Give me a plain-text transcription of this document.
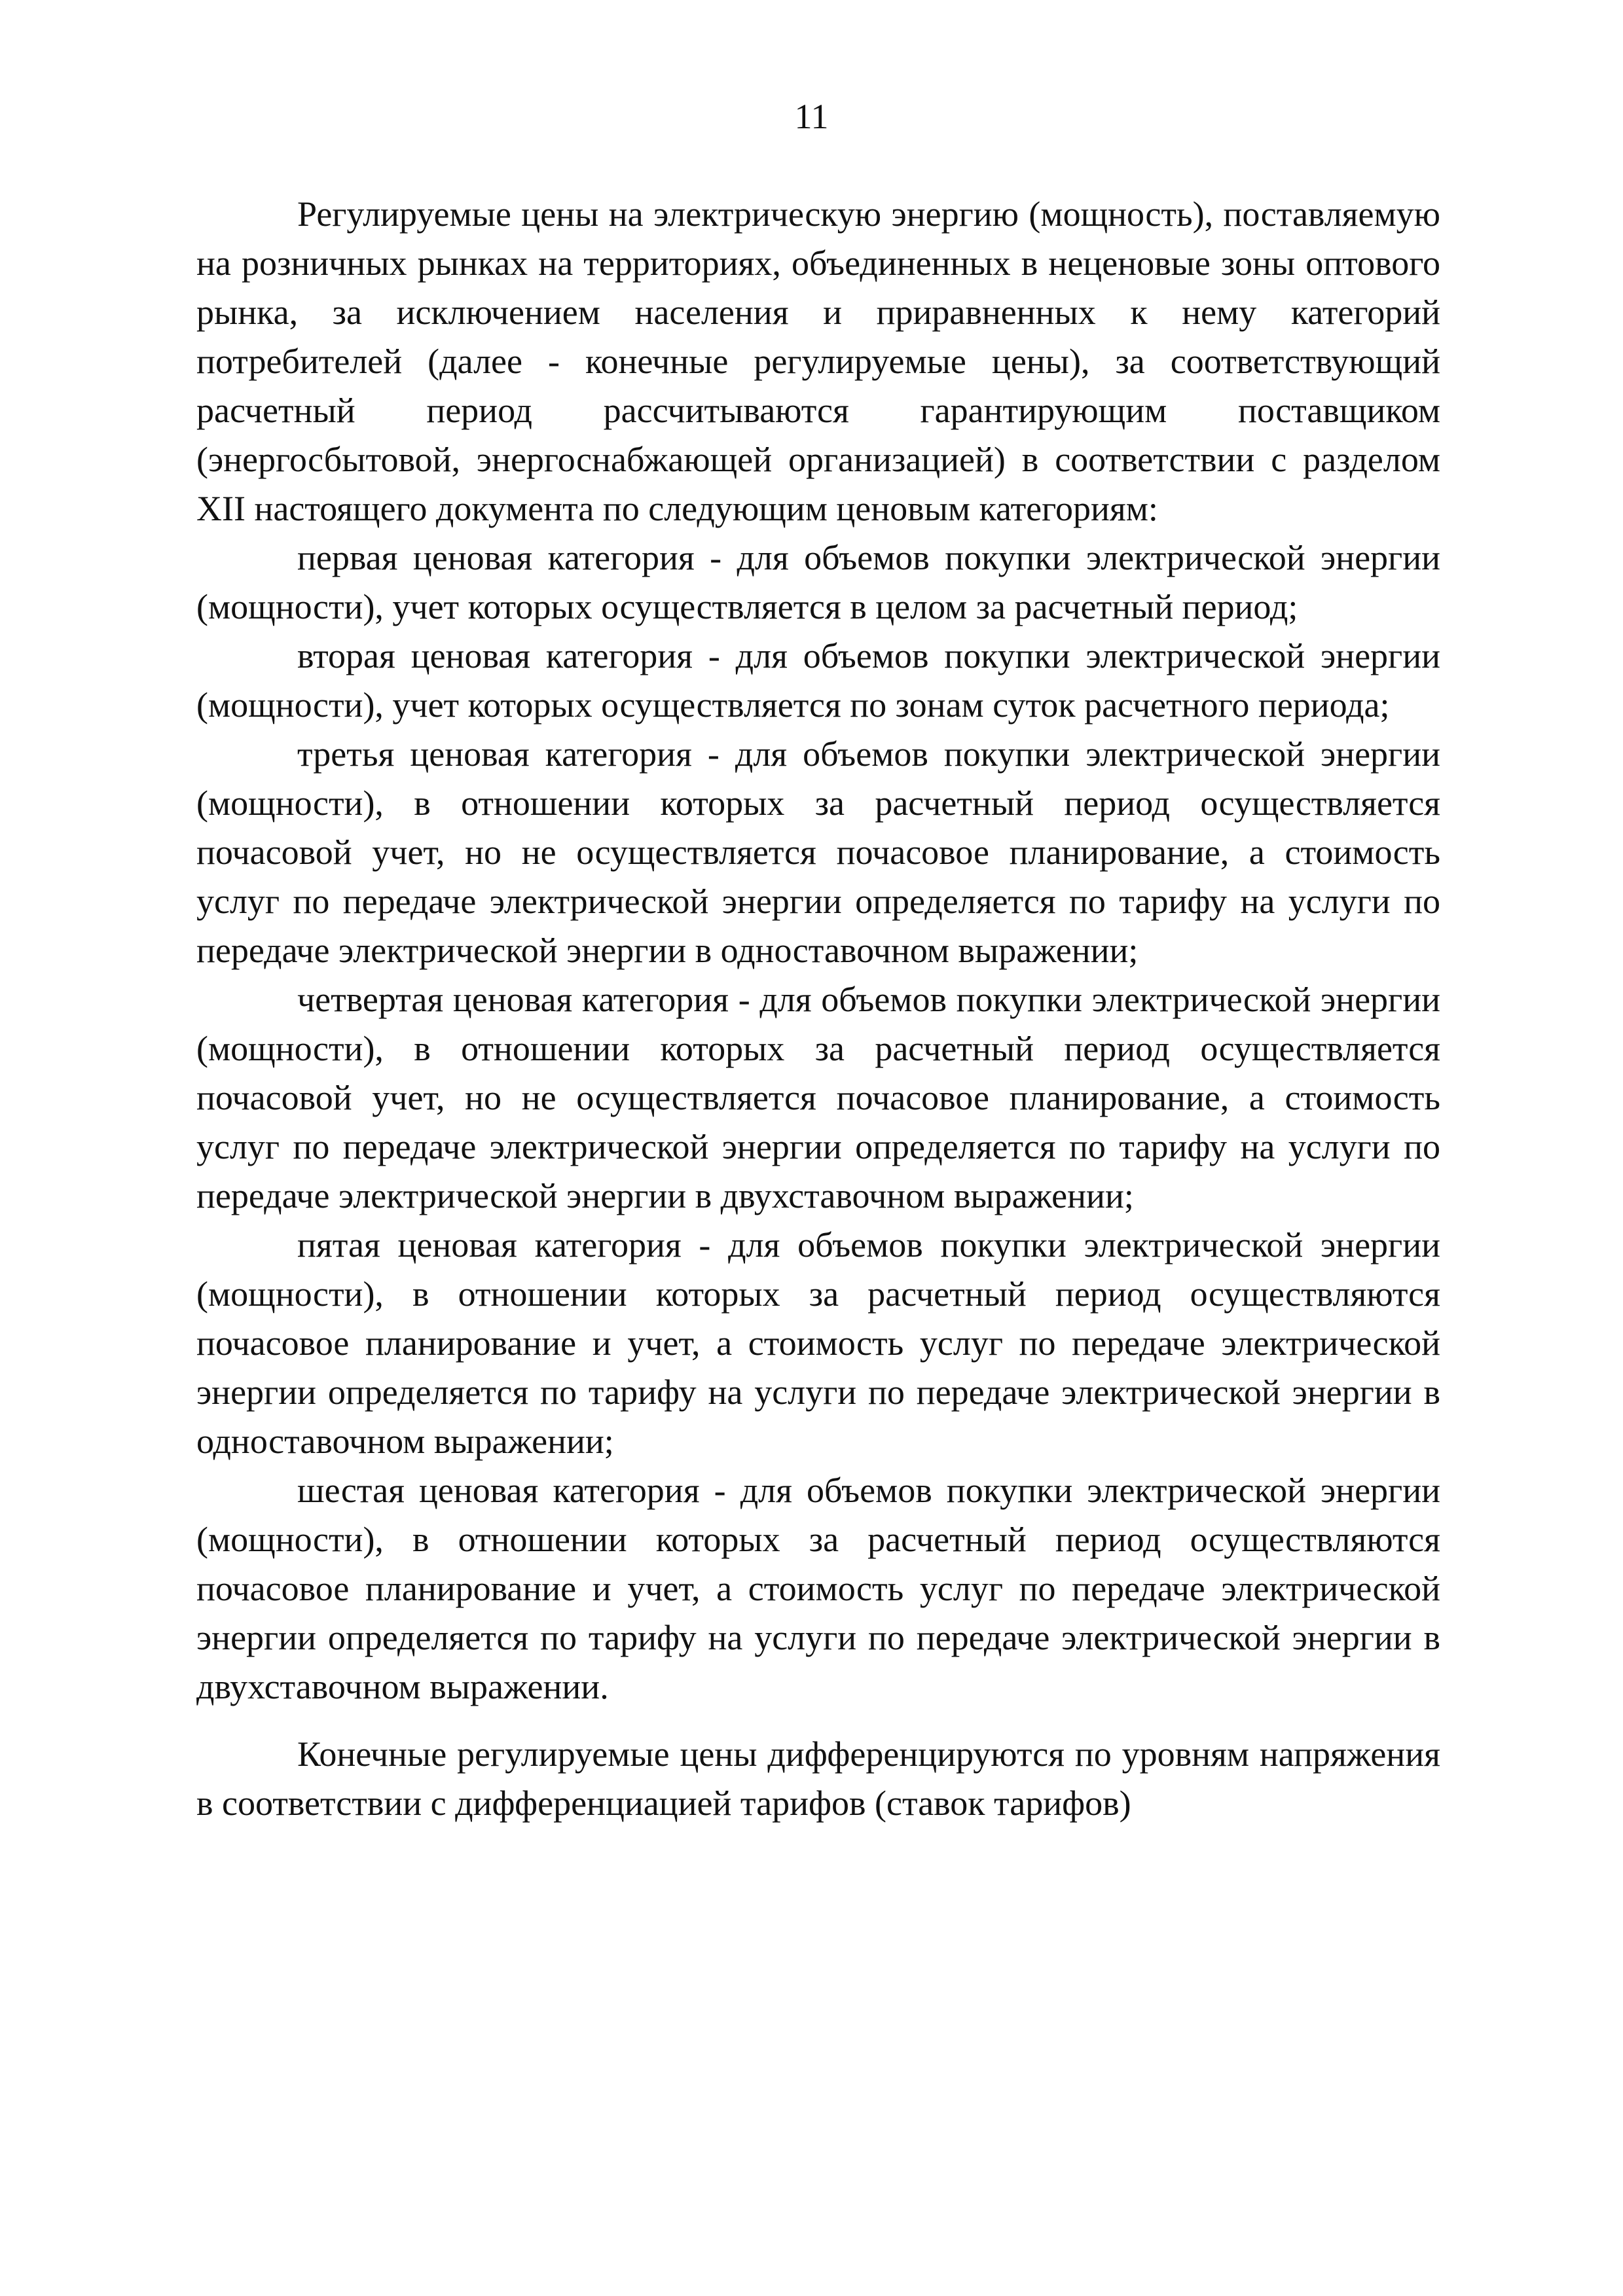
11

Регулируемые цены на электрическую энергию (мощность), поставляемую на розничных рынках на территориях, объединенных в неценовые зоны оптового рынка, за исключением населения и приравненных к нему категорий потребителей (далее - конечные регулируемые цены), за соответствующий расчетный период рассчитываются гарантирующим поставщиком (энергосбытовой, энергоснабжающей организацией) в соответствии с разделом XII настоящего документа по следующим ценовым категориям:

первая ценовая категория - для объемов покупки электрической энергии (мощности), учет которых осуществляется в целом за расчетный период;

вторая ценовая категория - для объемов покупки электрической энергии (мощности), учет которых осуществляется по зонам суток расчетного периода;

третья ценовая категория - для объемов покупки электрической энергии (мощности), в отношении которых за расчетный период осуществляется почасовой учет, но не осуществляется почасовое планирование, а стоимость услуг по передаче электрической энергии определяется по тарифу на услуги по передаче электрической энергии в одноставочном выражении;

четвертая ценовая категория - для объемов покупки электрической энергии (мощности), в отношении которых за расчетный период осуществляется почасовой учет, но не осуществляется почасовое планирование, а стоимость услуг по передаче электрической энергии определяется по тарифу на услуги по передаче электрической энергии в двухставочном выражении;

пятая ценовая категория - для объемов покупки электрической энергии (мощности), в отношении которых за расчетный период осуществляются почасовое планирование и учет, а стоимость услуг по передаче электрической энергии определяется по тарифу на услуги по передаче электрической энергии в одноставочном выражении;

шестая ценовая категория - для объемов покупки электрической энергии (мощности), в отношении которых за расчетный период осуществляются почасовое планирование и учет, а стоимость услуг по передаче электрической энергии определяется по тарифу на услуги по передаче электрической энергии в двухставочном выражении.

Конечные регулируемые цены дифференцируются по уровням напряжения в соответствии с дифференциацией тарифов (ставок тарифов)
